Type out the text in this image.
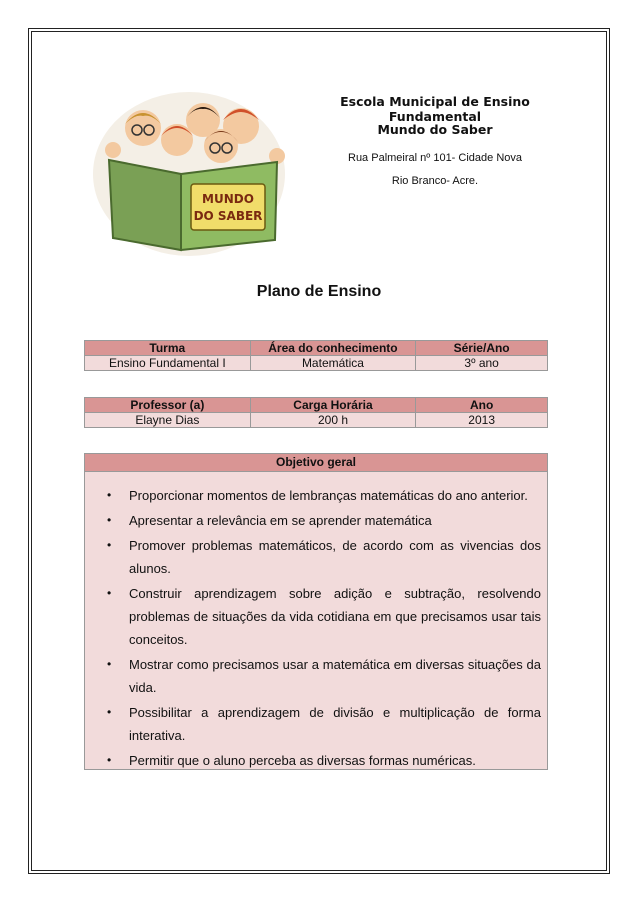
MUNDO
DO SABER
Escola Municipal de Ensino Fundamental
Mundo do Saber
Rua Palmeiral nº 101- Cidade Nova
Rio Branco- Acre.
Plano de Ensino
Turma	Área do conhecimento	Série/Ano
Ensino Fundamental I	Matemática	3º ano
Professor (a)	Carga Horária	Ano
Elayne Dias	200 h	2013
Objetivo geral
• Proporcionar momentos de lembranças matemáticas do ano anterior.
• Apresentar a relevância em se aprender matemática
• Promover problemas matemáticos, de acordo com as vivencias dos alunos.
• Construir aprendizagem sobre adição e subtração, resolvendo problemas de situações da vida cotidiana em que precisamos usar tais conceitos.
• Mostrar como precisamos usar a matemática em diversas situações da vida.
• Possibilitar a aprendizagem de divisão e multiplicação de forma interativa.
• Permitir que o aluno perceba as diversas formas numéricas.
